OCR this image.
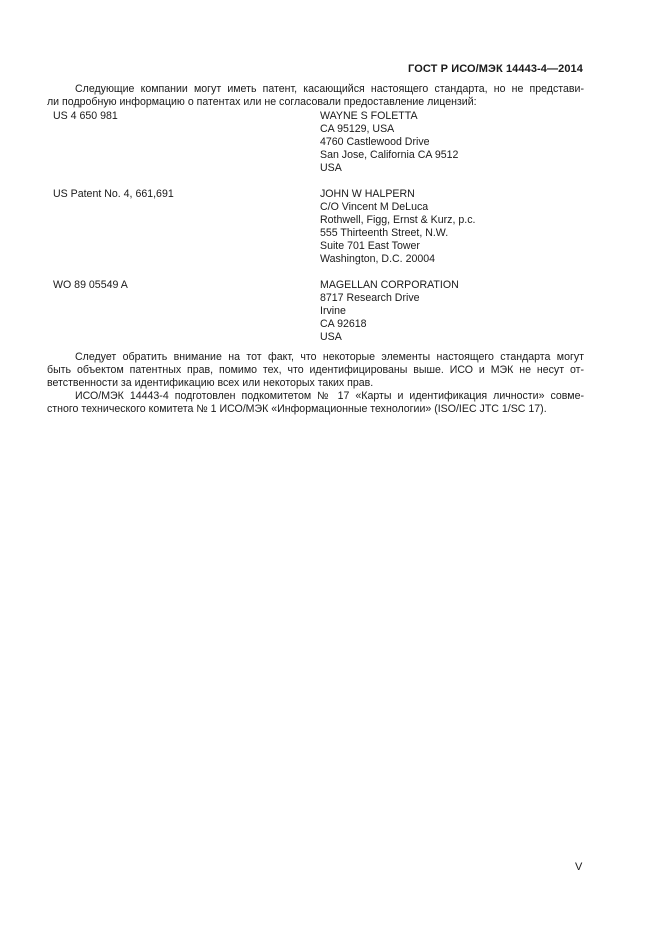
ГОСТ Р ИСО/МЭК 14443-4—2014
Следующие компании могут иметь патент, касающийся настоящего стандарта, но не представи-
ли подробную информацию о патентах или не согласовали предоставление лицензий:
US 4 650 981	WAYNE S FOLETTA
CA 95129, USA
4760 Castlewood Drive
San Jose, California CA 9512
USA
US Patent No. 4, 661,691	JOHN W HALPERN
C/O Vincent M DeLuca
Rothwell, Figg, Ernst & Kurz, p.c.
555 Thirteenth Street, N.W.
Suite 701 East Tower
Washington, D.C. 20004
WO 89 05549 A	MAGELLAN CORPORATION
8717 Research Drive
Irvine
CA 92618
USA
Следует обратить внимание на тот факт, что некоторые элементы настоящего стандарта могут
быть объектом патентных прав, помимо тех, что идентифицированы выше. ИСО и МЭК не несут от-
ветственности за идентификацию всех или некоторых таких прав.
ИСО/МЭК 14443-4 подготовлен подкомитетом № 17 «Карты и идентификация личности» совме-
стного технического комитета № 1 ИСО/МЭК «Информационные технологии» (ISO/IEC JTC 1/SC 17).
V
